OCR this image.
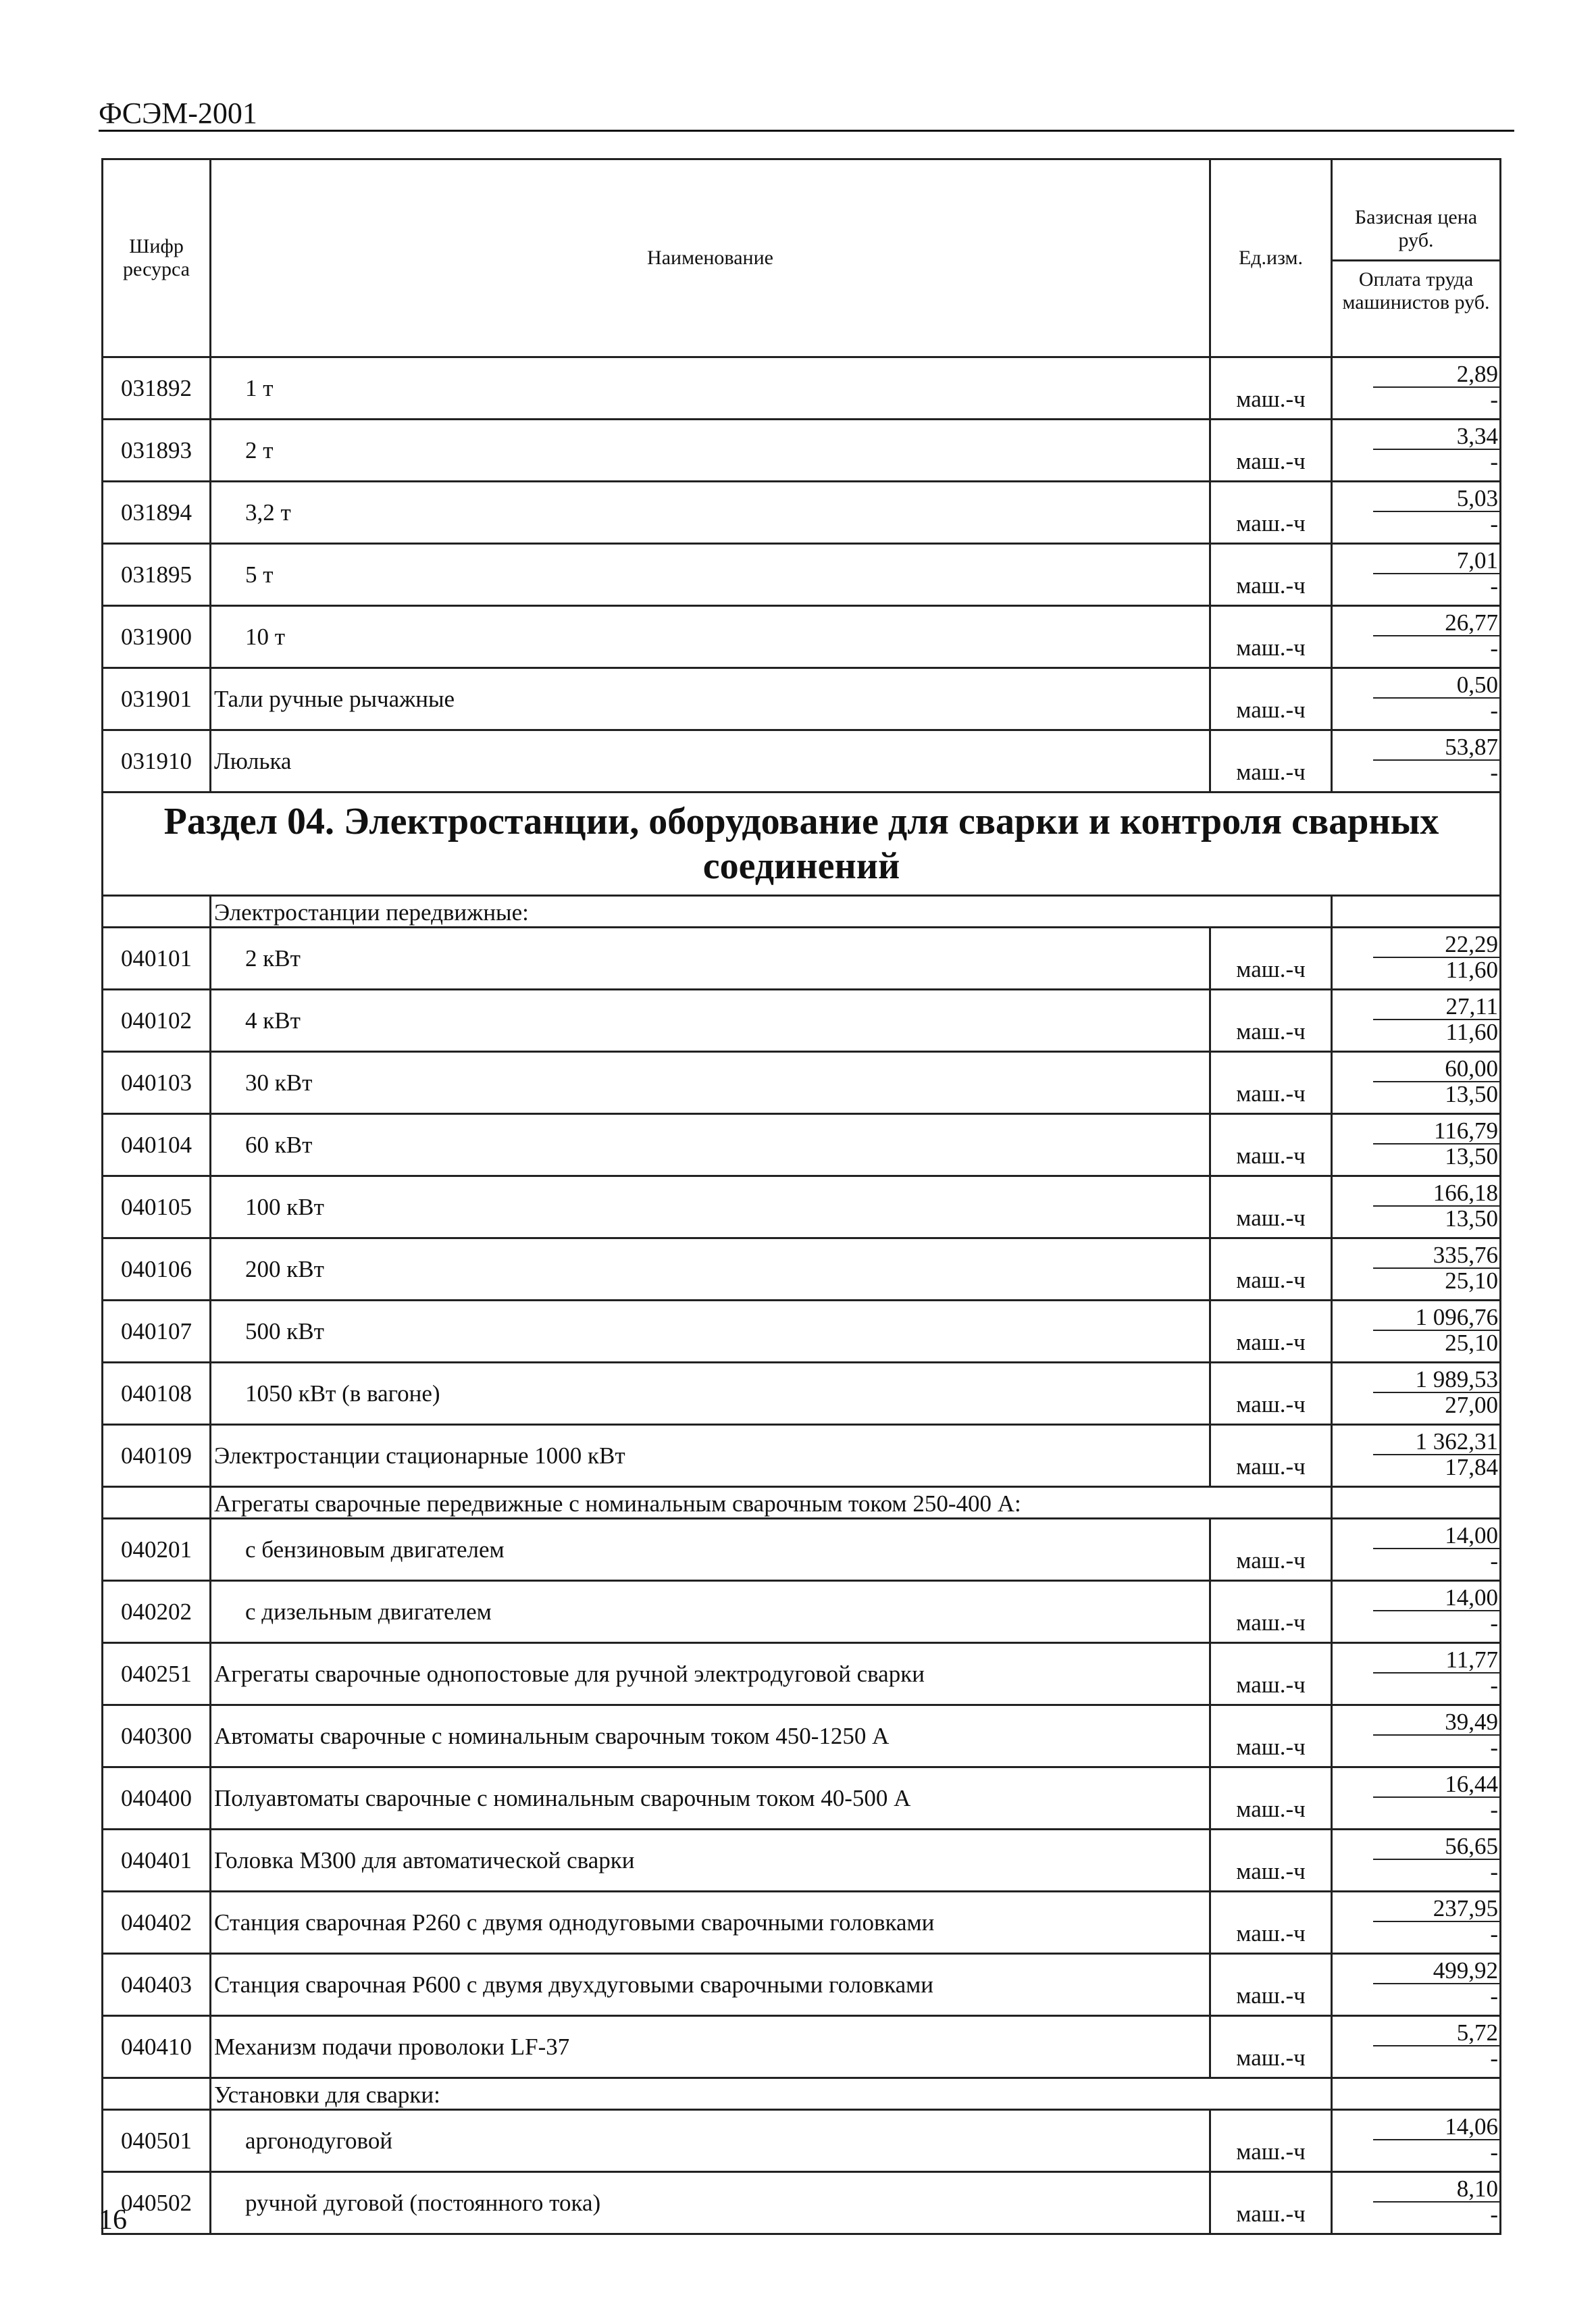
ФСЭМ-2001
Шифр ресурса	Наименование	Ед.изм.	Базисная цена руб.
Оплата труда машинистов руб.

031892	1 т	маш.-ч	2,89
-

031893	2 т	маш.-ч	3,34
-

031894	3,2 т	маш.-ч	5,03
-

031895	5 т	маш.-ч	7,01
-

031900	10 т	маш.-ч	26,77
-

031901	Тали ручные рычажные	маш.-ч	0,50
-

031910	Люлька	маш.-ч	53,87
-

Раздел 04. Электростанции, оборудование для сварки и контроля сварных соединений			

	Электростанции передвижные:		

040101	2 кВт	маш.-ч	22,29
11,60

040102	4 кВт	маш.-ч	27,11
11,60

040103	30 кВт	маш.-ч	60,00
13,50

040104	60 кВт	маш.-ч	116,79
13,50

040105	100 кВт	маш.-ч	166,18
13,50

040106	200 кВт	маш.-ч	335,76
25,10

040107	500 кВт	маш.-ч	1 096,76
25,10

040108	1050 кВт (в вагоне)	маш.-ч	1 989,53
27,00

040109	Электростанции стационарные 1000 кВт	маш.-ч	1 362,31
17,84

	Агрегаты сварочные передвижные с номинальным сварочным током 250-400 А:		

040201	с бензиновым двигателем	маш.-ч	14,00
-

040202	с дизельным двигателем	маш.-ч	14,00
-

040251	Агрегаты сварочные однопостовые для ручной электродуговой сварки	маш.-ч	11,77
-

040300	Автоматы сварочные с номинальным сварочным током 450-1250 А	маш.-ч	39,49
-

040400	Полуавтоматы сварочные с номинальным сварочным током 40-500 А	маш.-ч	16,44
-

040401	Головка М300 для автоматической сварки	маш.-ч	56,65
-

040402	Станция сварочная Р260 с двумя однодуговыми сварочными головками	маш.-ч	237,95
-

040403	Станция сварочная Р600 с двумя двухдуговыми сварочными головками	маш.-ч	499,92
-

040410	Механизм подачи проволоки LF-37	маш.-ч	5,72
-

	Установки для сварки:		

040501	аргонодуговой	маш.-ч	14,06
-

040502	ручной дуговой (постоянного тока)	маш.-ч	8,10
-
16
